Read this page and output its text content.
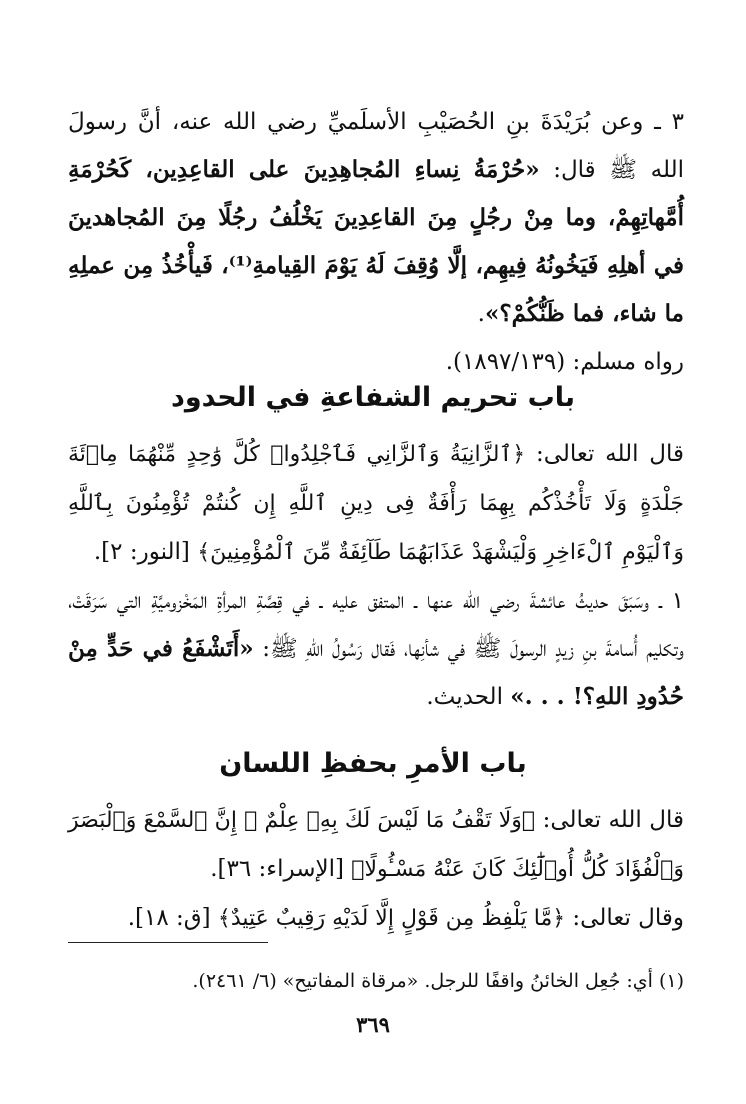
٣ ـ وعن بُرَيْدَةَ بنِ الحُصَيْبِ الأسلَميِّ رضي الله عنه، أنَّ رسولَ الله ﷺ قال: «حُرْمَةُ نِساءِ المُجاهِدِينَ على القاعِدِين، كَحُرْمَةِ أُمَّهاتِهِمْ، وما مِنْ رجُلٍ مِنَ القاعِدِينَ يَخْلُفُ رجُلًا مِنَ المُجاهدينَ في أهلِهِ فَيَخُونُهُ فِيهِم، إلَّا وُقِفَ لَهُ يَوْمَ القِيامةِ⁽¹⁾، فَيأْخُذُ مِن عملِهِ ما شاء، فما ظَنُّكُمْ؟».

رواه مسلم: (١٨٩٧/١٣٩).

باب تحريم الشفاعةِ في الحدود

قال الله تعالى: ﴿ٱلزَّانِيَةُ وَٱلزَّانِي فَٱجْلِدُوا۟ كُلَّ وَٰحِدٍ مِّنْهُمَا مِا۟ئَةَ جَلْدَةٍ وَلَا تَأْخُذْكُم بِهِمَا رَأْفَةٌ فِى دِينِ ٱللَّهِ إِن كُنتُمْ تُؤْمِنُونَ بِٱللَّهِ وَٱلْيَوْمِ ٱلْءَاخِرِ وَلْيَشْهَدْ عَذَابَهُمَا طَآئِفَةٌ مِّنَ ٱلْمُؤْمِنِينَ﴾ [النور: ٢].

١ ـ وسَبَقَ حديثُ عائشةَ رضي الله عنها ـ المتفق عليه ـ في قِصَّةِ المرأةِ المَخْزوميَّةِ التي سَرَقَتْ، وتكليم أُسامةَ بنِ زيدٍ الرسولَ ﷺ في شأنِها، فَقال رَسُولُ اللهِ ﷺ: «أَتَشْفَعُ في حَدٍّ مِنْ حُدُودِ اللهِ؟! . . .» الحديث.

باب الأمرِ بحفظِ اللسان

قال الله تعالى: ﴿وَلَا تَقْفُ مَا لَيْسَ لَكَ بِهِۦ عِلْمٌ ۚ إِنَّ ٱلسَّمْعَ وَٱلْبَصَرَ وَٱلْفُؤَادَ كُلُّ أُو۟لَٰٓئِكَ كَانَ عَنْهُ مَسْـُٔولًا﴾ [الإسراء: ٣٦].

وقال تعالى: ﴿مَّا يَلْفِظُ مِن قَوْلٍ إِلَّا لَدَيْهِ رَقِيبٌ عَتِيدٌ﴾ [ق: ١٨].

(١) أي: جُعِل الخائنُ واقفًا للرجل. «مرقاة المفاتيح» (٦/ ٢٤٦١).

٣٦٩
